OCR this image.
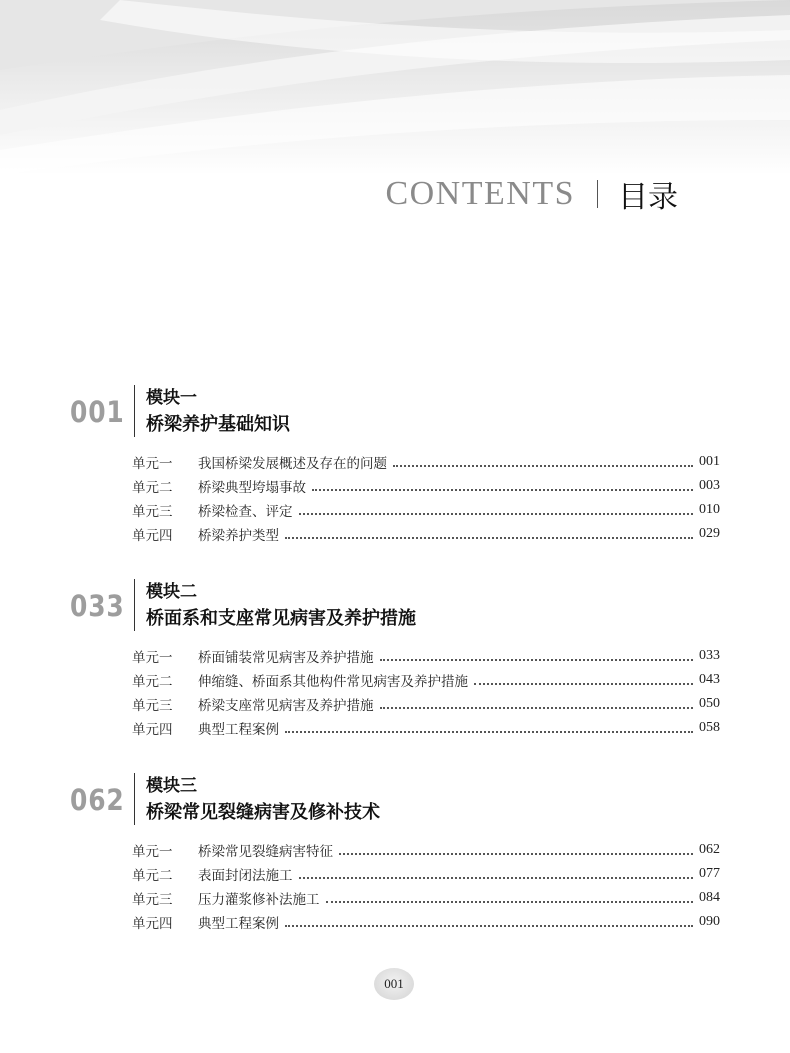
CONTENTS 目录
001 模块一
桥梁养护基础知识
单元一	我国桥梁发展概述及存在的问题	001
单元二	桥梁典型垮塌事故	003
单元三	桥梁检查、评定	010
单元四	桥梁养护类型	029
033 模块二
桥面系和支座常见病害及养护措施
单元一	桥面铺装常见病害及养护措施	033
单元二	伸缩缝、桥面系其他构件常见病害及养护措施	043
单元三	桥梁支座常见病害及养护措施	050
单元四	典型工程案例	058
062 模块三
桥梁常见裂缝病害及修补技术
单元一	桥梁常见裂缝病害特征	062
单元二	表面封闭法施工	077
单元三	压力灌浆修补法施工	084
单元四	典型工程案例	090
001
